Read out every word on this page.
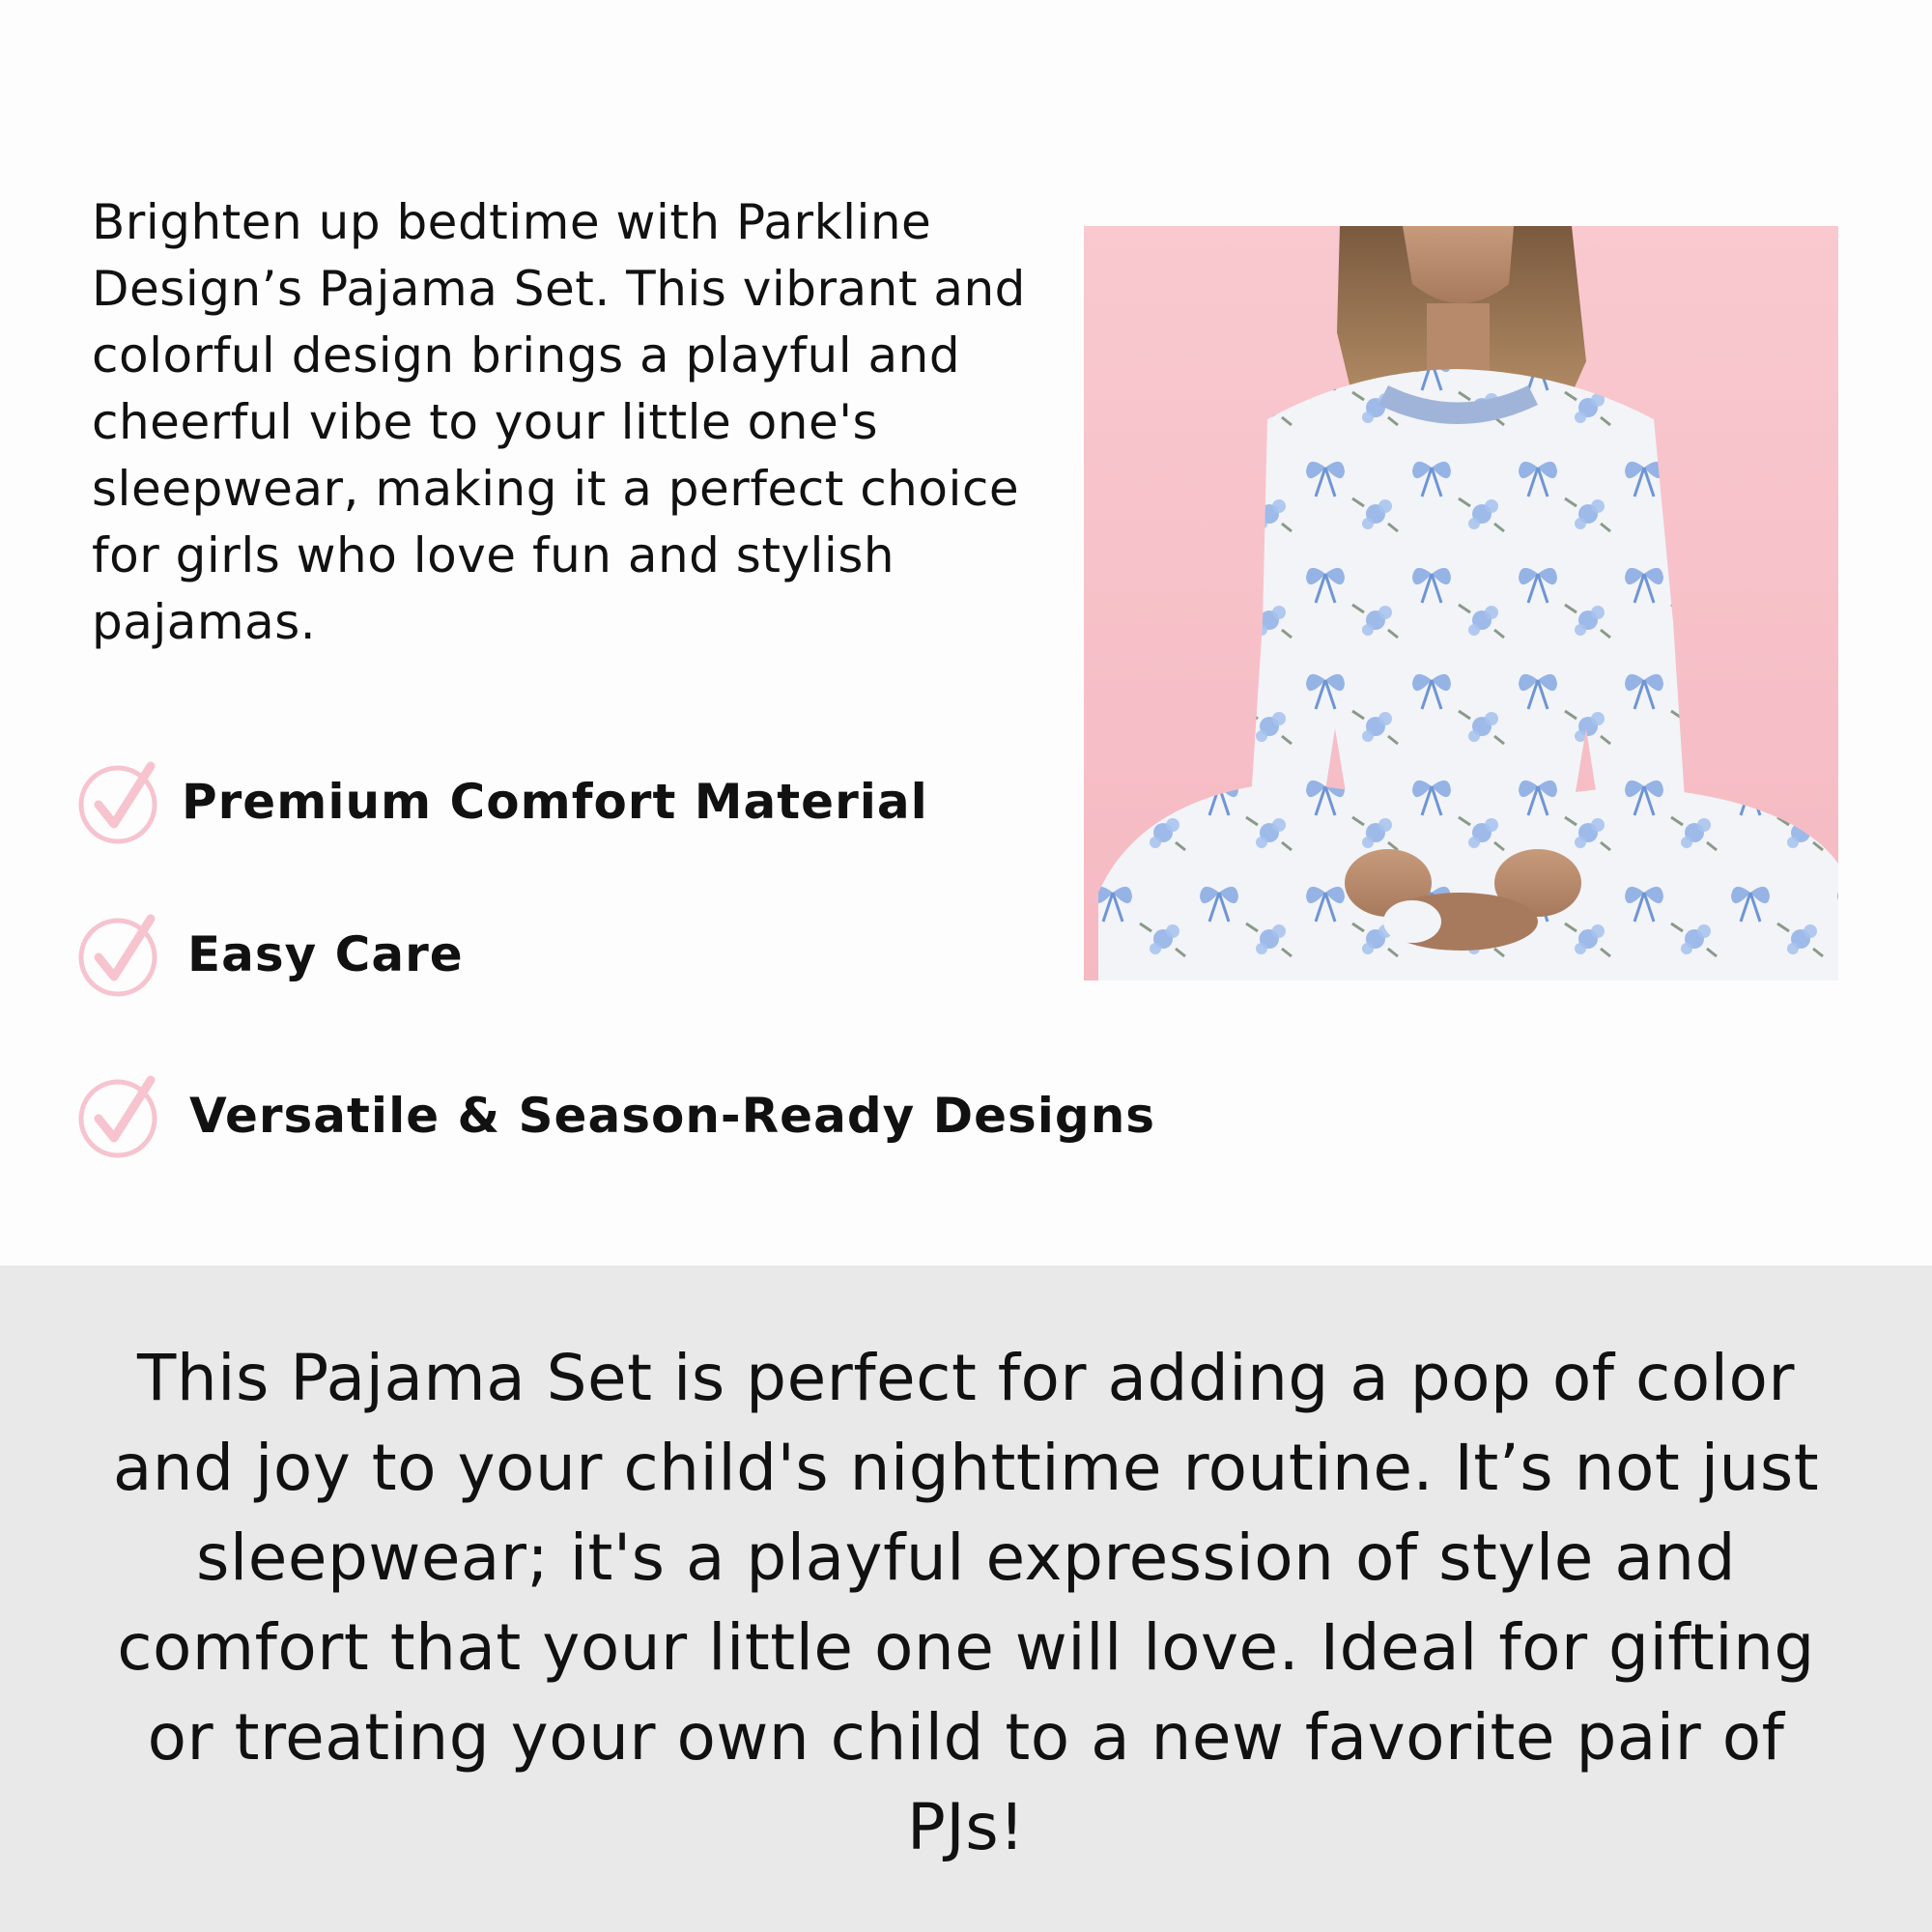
Brighten up bedtime with Parkline Design’s Pajama Set. This vibrant and colorful design brings a playful and cheerful vibe to your little one's sleepwear, making it a perfect choice for girls who love fun and stylish pajamas.

Premium Comfort Material
Easy Care
Versatile & Season-Ready Designs

This Pajama Set is perfect for adding a pop of color and joy to your child's nighttime routine. It’s not just sleepwear; it's a playful expression of style and comfort that your little one will love. Ideal for gifting or treating your own child to a new favorite pair of PJs!
